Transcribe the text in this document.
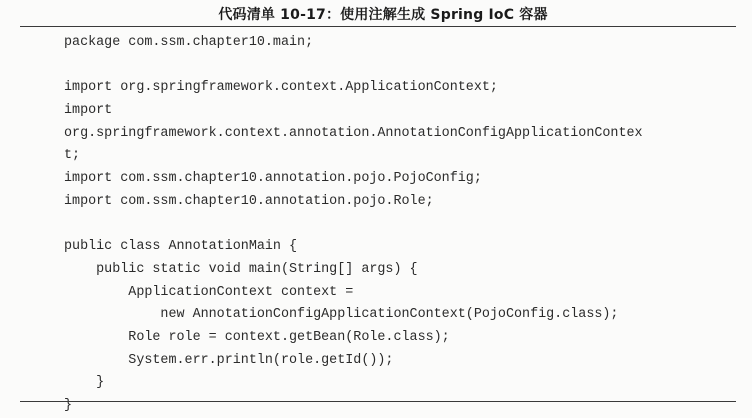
代码清单 10-17：使用注解生成 Spring IoC 容器
package com.ssm.chapter10.main;
import org.springframework.context.ApplicationContext;
import
org.springframework.context.annotation.AnnotationConfigApplicationContex
t;
import com.ssm.chapter10.annotation.pojo.PojoConfig;
import com.ssm.chapter10.annotation.pojo.Role;
public class AnnotationMain {
public static void main(String[] args) {
ApplicationContext context =
new AnnotationConfigApplicationContext(PojoConfig.class);
Role role = context.getBean(Role.class);
System.err.println(role.getId());
}
}
